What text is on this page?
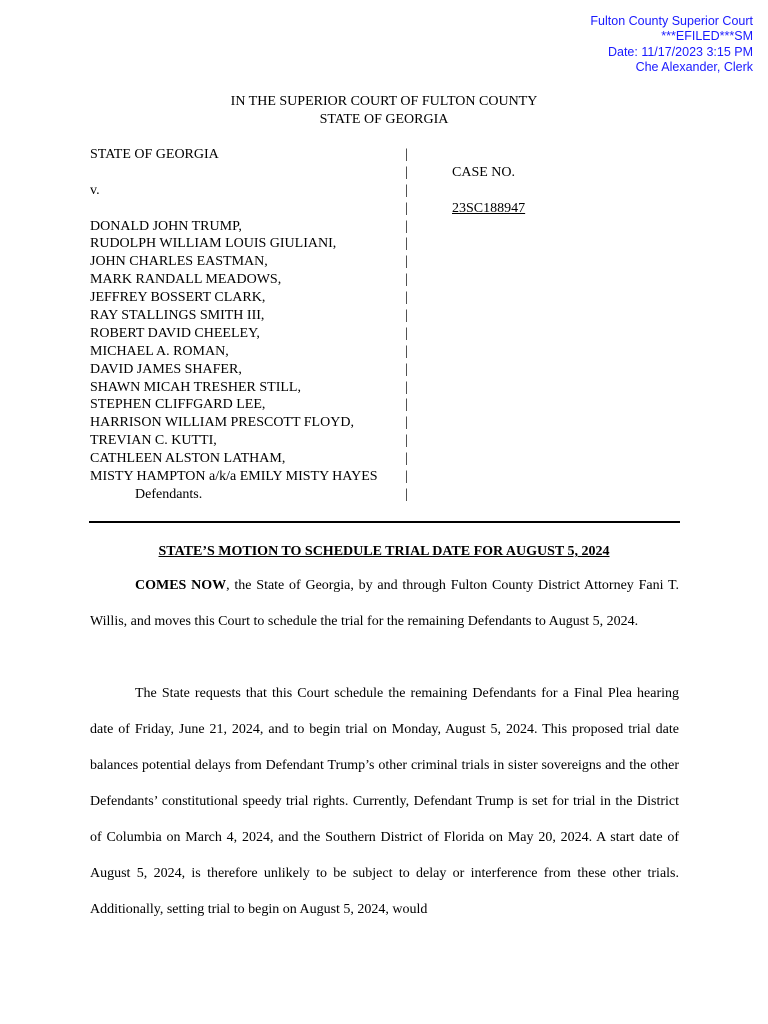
Fulton County Superior Court
***EFILED***SM
Date: 11/17/2023 3:15 PM
Che Alexander, Clerk
IN THE SUPERIOR COURT OF FULTON COUNTY
STATE OF GEORGIA
STATE OF GEORGIA
v.
DONALD JOHN TRUMP,
RUDOLPH WILLIAM LOUIS GIULIANI,
JOHN CHARLES EASTMAN,
MARK RANDALL MEADOWS,
JEFFREY BOSSERT CLARK,
RAY STALLINGS SMITH III,
ROBERT DAVID CHEELEY,
MICHAEL A. ROMAN,
DAVID JAMES SHAFER,
SHAWN MICAH TRESHER STILL,
STEPHEN CLIFFGARD LEE,
HARRISON WILLIAM PRESCOTT FLOYD,
TREVIAN C. KUTTI,
CATHLEEN ALSTON LATHAM,
MISTY HAMPTON a/k/a EMILY MISTY HAYES
Defendants.
|
|
|
|
|
|
|
|
|
|
|
|
|
|
|
|
|
|
|
|
CASE NO.
23SC188947
STATE’S MOTION TO SCHEDULE TRIAL DATE FOR AUGUST 5, 2024

COMES NOW, the State of Georgia, by and through Fulton County District Attorney Fani T. Willis, and moves this Court to schedule the trial for the remaining Defendants to August 5, 2024.

The State requests that this Court schedule the remaining Defendants for a Final Plea hearing date of Friday, June 21, 2024, and to begin trial on Monday, August 5, 2024. This proposed trial date balances potential delays from Defendant Trump’s other criminal trials in sister sovereigns and the other Defendants’ constitutional speedy trial rights. Currently, Defendant Trump is set for trial in the District of Columbia on March 4, 2024, and the Southern District of Florida on May 20, 2024. A start date of August 5, 2024, is therefore unlikely to be subject to delay or interference from these other trials. Additionally, setting trial to begin on August 5, 2024, would
